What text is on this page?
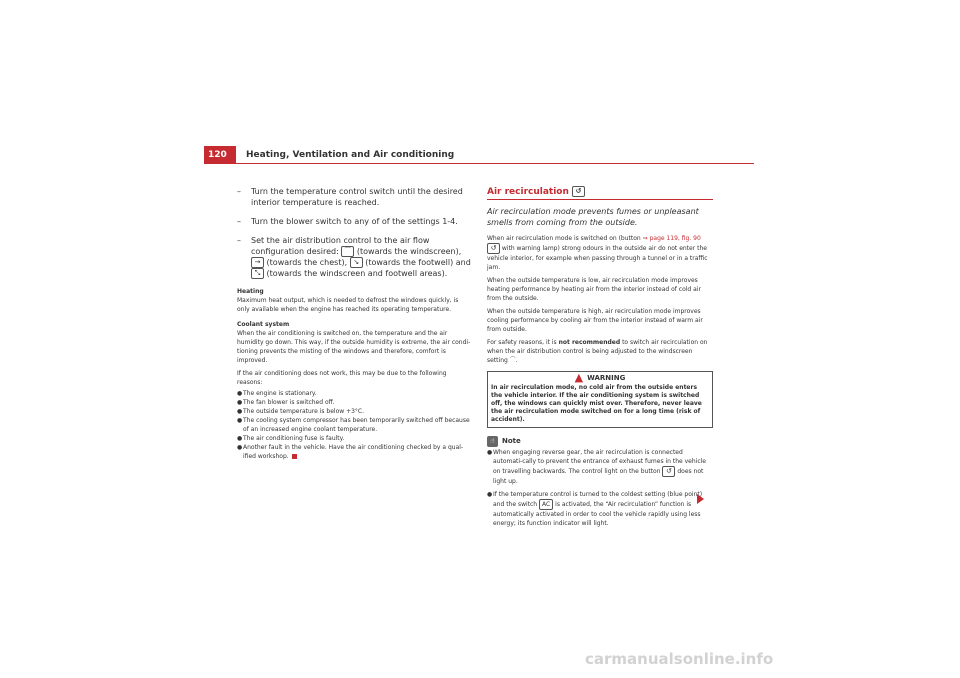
120	Heating, Ventilation and Air conditioning
– Turn the temperature control switch until the desired interior temperature is reached.
– Turn the blower switch to any of of the settings 1-4.
– Set the air distribution control to the air flow configuration desired: ⌒ (towards the windscreen), → (towards the chest), ↘ (towards the footwell) and ⤡ (towards the windscreen and footwell areas).
Heating
Maximum heat output, which is needed to defrost the windows quickly, is only available when the engine has reached its operating temperature.
Coolant system
When the air conditioning is switched on, the temperature and the air humidity go down. This way, if the outside humidity is extreme, the air condi-tioning prevents the misting of the windows and therefore, comfort is improved.
If the air conditioning does not work, this may be due to the following reasons:
● The engine is stationary.
● The fan blower is switched off.
● The outside temperature is below +3°C.
● The cooling system compressor has been temporarily switched off because of an increased engine coolant temperature.
● The air conditioning fuse is faulty.
● Another fault in the vehicle. Have the air conditioning checked by a qual-ified workshop.
Air recirculation ↺
Air recirculation mode prevents fumes or unpleasant smells from coming from the outside.
When air recirculation mode is switched on (button ⇒ page 119, fig. 90 ↺ with warning lamp) strong odours in the outside air do not enter the vehicle interior, for example when passing through a tunnel or in a traffic jam.
When the outside temperature is low, air recirculation mode improves heating performance by heating air from the interior instead of cold air from the outside.
When the outside temperature is high, air recirculation mode improves cooling performance by cooling air from the interior instead of warm air from outside.
For safety reasons, it is not recommended to switch air recirculation on when the air distribution control is being adjusted to the windscreen setting ⌒.
▲ WARNING
In air recirculation mode, no cold air from the outside enters the vehicle interior. If the air conditioning system is switched off, the windows can quickly mist over. Therefore, never leave the air recirculation mode switched on for a long time (risk of accident).
☝ Note
● When engaging reverse gear, the air recirculation is connected automati-cally to prevent the entrance of exhaust fumes in the vehicle on travelling backwards. The control light on the button ↺ does not light up.
● If the temperature control is turned to the coldest setting (blue point) and the switch AC is activated, the “Air recirculation” function is automatically activated in order to cool the vehicle rapidly using less energy; its function indicator will light.
carmanualsonline.info
